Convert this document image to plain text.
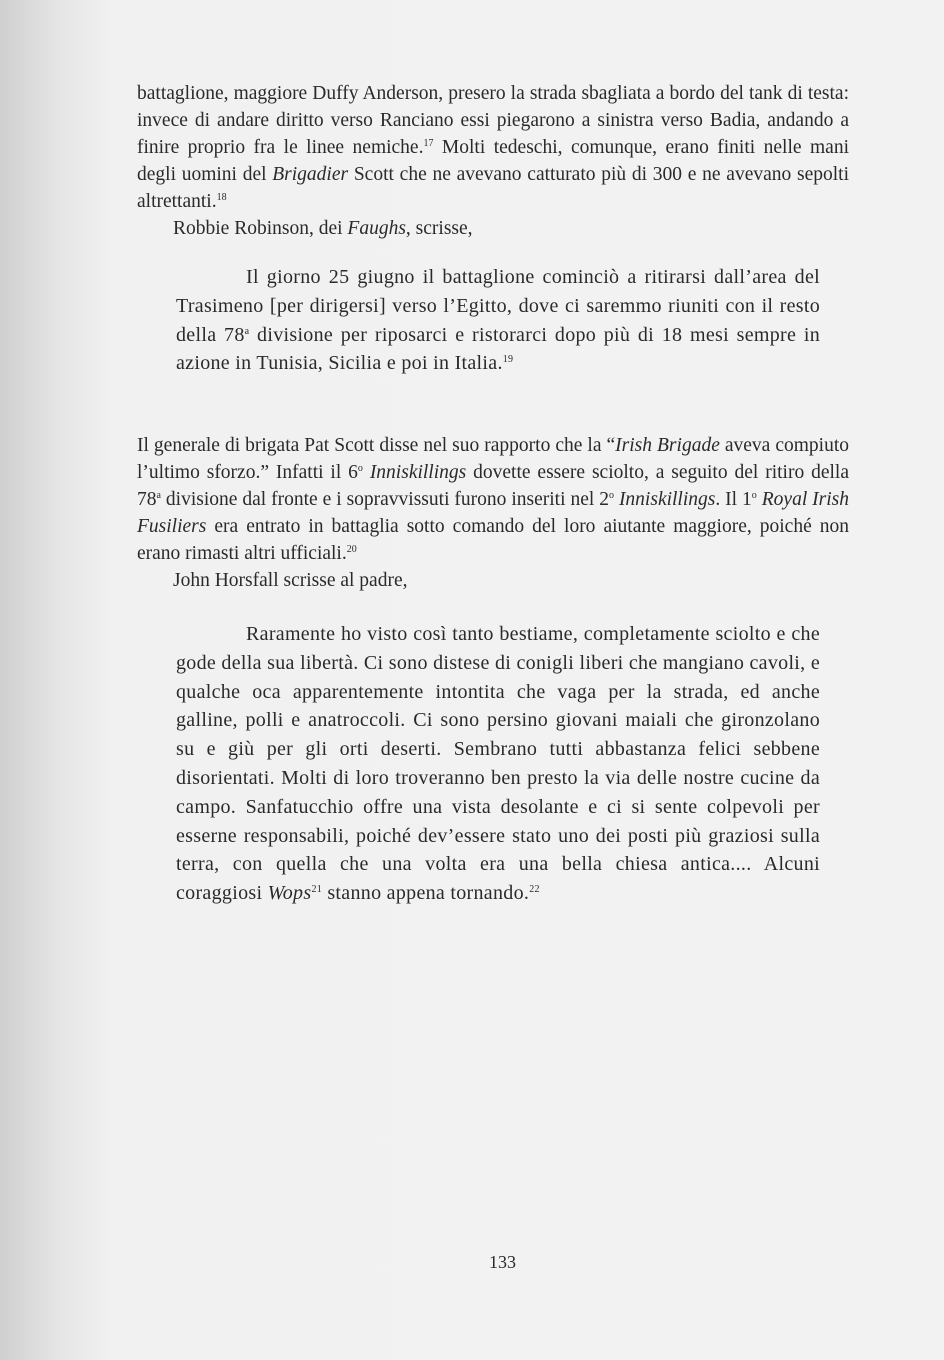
battaglione, maggiore Duffy Anderson, presero la strada sbagliata a bordo del tank di testa: invece di andare diritto verso Ranciano essi piegarono a sinistra verso Badia, andando a finire proprio fra le linee nemiche.$^{17}$ Molti tedeschi, comunque, erano finiti nelle mani degli uomini del Brigadier Scott che ne avevano catturato più di 300 e ne avevano sepolti altrettanti.$^{18}$

Robbie Robinson, dei Faughs, scrisse,

Il giorno 25 giugno il battaglione cominciò a ritirarsi dall’area del Trasimeno [per dirigersi] verso l’Egitto, dove ci saremmo riuniti con il resto della 78$^a$ divisione per riposarci e ristorarci dopo più di 18 mesi sempre in azione in Tunisia, Sicilia e poi in Italia.$^{19}$

Il generale di brigata Pat Scott disse nel suo rapporto che la “Irish Brigade aveva compiuto l’ultimo sforzo.” Infatti il 6$^o$ Inniskillings dovette essere sciolto, a seguito del ritiro della 78$^a$ divisione dal fronte e i sopravvissuti furono inseriti nel 2$^o$ Inniskillings. Il 1$^o$ Royal Irish Fusiliers era entrato in battaglia sotto comando del loro aiutante maggiore, poiché non erano rimasti altri ufficiali.$^{20}$

John Horsfall scrisse al padre,

Raramente ho visto così tanto bestiame, completamente sciolto e che gode della sua libertà. Ci sono distese di conigli liberi che mangiano cavoli, e qualche oca apparentemente intontita che vaga per la strada, ed anche galline, polli e anatroccoli. Ci sono persino giovani maiali che gironzolano su e giù per gli orti deserti. Sembrano tutti abbastanza felici sebbene disorientati. Molti di loro troveranno ben presto la via delle nostre cucine da campo. Sanfatucchio offre una vista desolante e ci si sente colpevoli per esserne responsabili, poiché dev’essere stato uno dei posti più graziosi sulla terra, con quella che una volta era una bella chiesa antica.... Alcuni coraggiosi Wops$^{21}$ stanno appena tornando.$^{22}$

133
